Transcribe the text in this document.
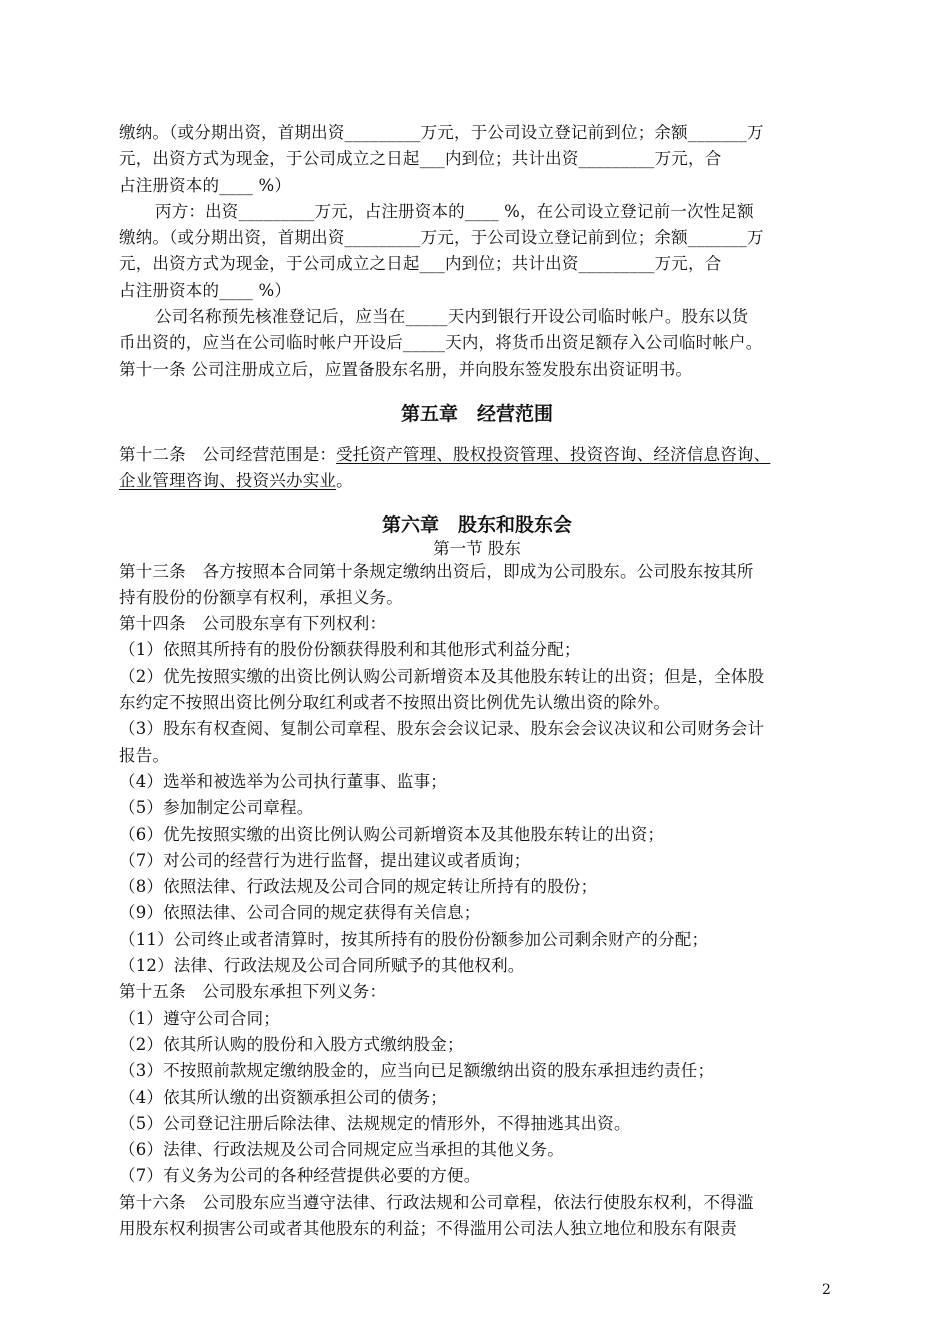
缴纳。（或分期出资，首期出资_________万元，于公司设立登记前到位；余额_______万

元，出资方式为现金，于公司成立之日起___内到位；共计出资_________万元，合

占注册资本的____ %）

丙方：出资_________万元，占注册资本的____ %，在公司设立登记前一次性足额

缴纳。（或分期出资，首期出资_________万元，于公司设立登记前到位；余额_______万

元，出资方式为现金，于公司成立之日起___内到位；共计出资_________万元，合

占注册资本的____ %）

公司名称预先核准登记后，应当在_____天内到银行开设公司临时帐户。股东以货

币出资的，应当在公司临时帐户开设后_____天内，将货币出资足额存入公司临时帐户。

第十一条 公司注册成立后，应置备股东名册，并向股东签发股东出资证明书。

第五章　经营范围

第十二条　公司经营范围是：受托资产管理、股权投资管理、投资咨询、经济信息咨询、

企业管理咨询、投资兴办实业。

第六章　股东和股东会

第一节 股东

第十三条　各方按照本合同第十条规定缴纳出资后，即成为公司股东。公司股东按其所

持有股份的份额享有权利，承担义务。

第十四条　公司股东享有下列权利：

（1）依照其所持有的股份份额获得股利和其他形式利益分配；

（2）优先按照实缴的出资比例认购公司新增资本及其他股东转让的出资；但是，全体股

东约定不按照出资比例分取红利或者不按照出资比例优先认缴出资的除外。

（3）股东有权查阅、复制公司章程、股东会会议记录、股东会会议决议和公司财务会计

报告。

（4）选举和被选举为公司执行董事、监事；

（5）参加制定公司章程。

（6）优先按照实缴的出资比例认购公司新增资本及其他股东转让的出资；

（7）对公司的经营行为进行监督，提出建议或者质询；

（8）依照法律、行政法规及公司合同的规定转让所持有的股份；

（9）依照法律、公司合同的规定获得有关信息；

（11）公司终止或者清算时，按其所持有的股份份额参加公司剩余财产的分配；

（12）法律、行政法规及公司合同所赋予的其他权利。

第十五条　公司股东承担下列义务：

（1）遵守公司合同；

（2）依其所认购的股份和入股方式缴纳股金；

（3）不按照前款规定缴纳股金的，应当向已足额缴纳出资的股东承担违约责任；

（4）依其所认缴的出资额承担公司的债务；

（5）公司登记注册后除法律、法规规定的情形外，不得抽逃其出资。

（6）法律、行政法规及公司合同规定应当承担的其他义务。

（7）有义务为公司的各种经营提供必要的方便。

第十六条　公司股东应当遵守法律、行政法规和公司章程，依法行使股东权利，不得滥

用股东权利损害公司或者其他股东的利益；不得滥用公司法人独立地位和股东有限责

2
